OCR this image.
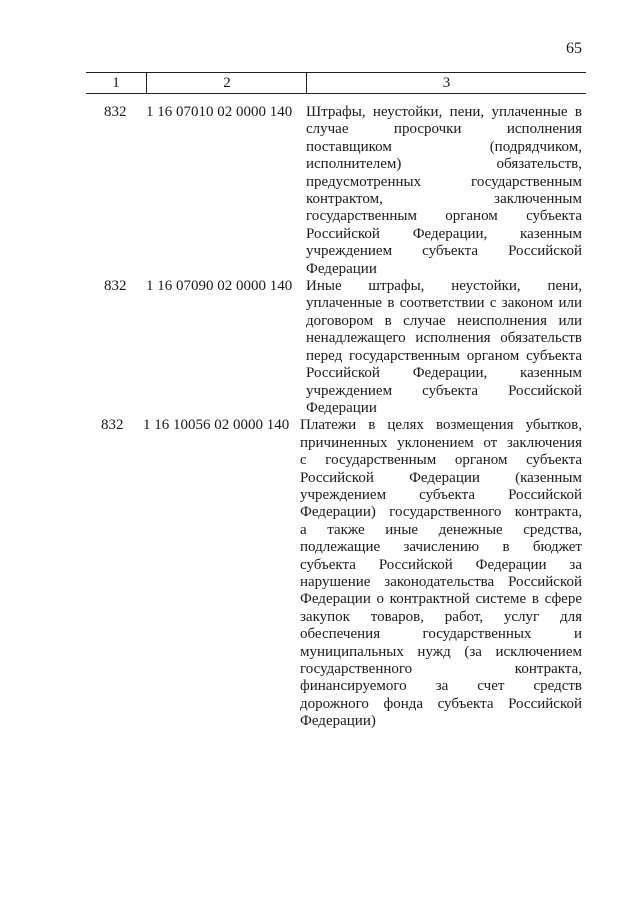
65
1	2	3
832 1 16 07010 02 0000 140 Штрафы, неустойки, пени, уплаченные в
случае просрочки исполнения
поставщиком (подрядчиком,
исполнителем) обязательств,
предусмотренных государственным
контрактом, заключенным
государственным органом субъекта
Российской Федерации, казенным
учреждением субъекта Российской
Федерации
832 1 16 07090 02 0000 140 Иные штрафы, неустойки, пени,
уплаченные в соответствии с законом или
договором в случае неисполнения или
ненадлежащего исполнения обязательств
перед государственным органом субъекта
Российской Федерации, казенным
учреждением субъекта Российской
Федерации
832 1 16 10056 02 0000 140 Платежи в целях возмещения убытков,
причиненных уклонением от заключения
с государственным органом субъекта
Российской Федерации (казенным
учреждением субъекта Российской
Федерации) государственного контракта,
а также иные денежные средства,
подлежащие зачислению в бюджет
субъекта Российской Федерации за
нарушение законодательства Российской
Федерации о контрактной системе в сфере
закупок товаров, работ, услуг для
обеспечения государственных и
муниципальных нужд (за исключением
государственного контракта,
финансируемого за счет средств
дорожного фонда субъекта Российской
Федерации)
